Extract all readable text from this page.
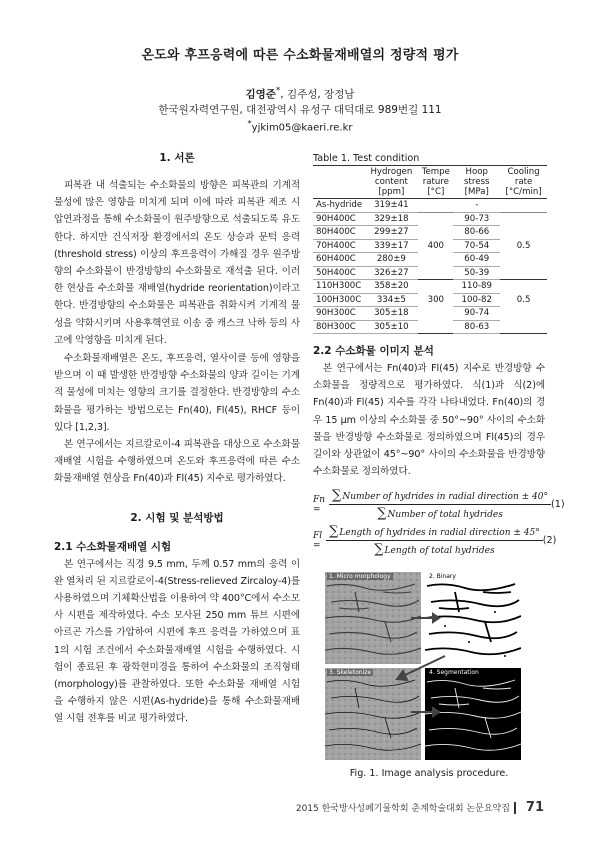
온도와 후프응력에 따른 수소화물재배열의 정량적 평가
김영준*, 김주성, 장정남
한국원자력연구원, 대전광역시 유성구 대덕대로 989번길 111
*yjkim05@kaeri.re.kr
1. 서론

피복관 내 석출되는 수소화물의 방향은 피복관의 기계적 물성에 많은 영향을 미치게 되며 이에 따라 피복관 제조 시 압연과정을 통해 수소화물이 원주방향으로 석출되도록 유도한다. 하지만 건식저장 환경에서의 온도 상승과 문턱 응력(threshold stress) 이상의 후프응력이 가해질 경우 원주방향의 수소화물이 반경방향의 수소화물로 재석출 된다. 이러한 현상을 수소화물 재배열(hydride reorientation)이라고 한다. 반경방향의 수소화물은 피복관을 취화시켜 기계적 물성을 약화시키며 사용후핵연료 이송 중 캐스크 낙하 등의 사고에 악영향을 미치게 된다.

수소화물재배열은 온도, 후프응력, 열사이클 등에 영향을 받으며 이 때 발생한 반경방향 수소화물의 양과 길이는 기계적 물성에 미치는 영향의 크기를 결정한다. 반경방향의 수소화물을 평가하는 방법으로는 Fn(40), Fl(45), RHCF 등이 있다 [1,2,3].

본 연구에서는 지르칼로이-4 피복관을 대상으로 수소화물재배열 시험을 수행하였으며 온도와 후프응력에 따른 수소화물재배열 현상을 Fn(40)과 Fl(45) 지수로 평가하였다.

2. 시험 및 분석방법
2.1 수소화물재배열 시험

본 연구에서는 직경 9.5 mm, 두께 0.57 mm의 응력 이완 열처리 된 지르칼로이-4(Stress-relieved Zircaloy-4)를 사용하였으며 기체확산법을 이용하여 약 400°C에서 수소모사 시편을 제작하였다. 수소 모사된 250 mm 튜브 시편에 아르곤 가스를 가압하여 시편에 후프 응력을 가하였으며 표 1의 시험 조건에서 수소화물재배열 시험을 수행하였다. 시험이 종료된 후 광학현미경을 통하여 수소화물의 조직형태(morphology)를 관찰하였다. 또한 수소화물 재배열 시험을 수행하지 않은 시편(As-hydride)을 통해 수소화물재배열 시험 전후를 비교 평가하였다.

Table 1. Test condition
	Hydrogen content [ppm]	Tempe rature [°C]	Hoop stress [MPa]	Cooling rate [°C/min]
As-hydride	319±41		-	
90H400C	329±18		90-73	
80H400C	299±27		80-66	
70H400C	339±17	400	70-54	0.5
60H400C	280±9		60-49	
50H400C	326±27		50-39	
110H300C	358±20		110-89	
100H300C	334±5	300	100-82	0.5
90H300C	305±18		90-74	
80H300C	305±10		80-63	
2.2 수소화물 이미지 분석

본 연구에서는 Fn(40)과 Fl(45) 지수로 반경방향 수소화물을 정량적으로 평가하였다. 식(1)과 식(2)에 Fn(40)과 Fl(45) 지수를 각각 나타내었다. Fn(40)의 경우 15 μm 이상의 수소화물 중 50°~90° 사이의 수소화물을 반경방향 수소화물로 정의하였으며 Fl(45)의 경우 길이와 상관없이 45°~90° 사이의 수소화물을 반경방향 수소화물로 정의하였다.

$Fn = \frac{\text{∑Number of hydrides in radial direction ± 40°}}{\text{∑Number of total hydrides}} (1)$
$Fl = \frac{\text{∑Length of hydrides in radial direction ± 45°}}{\text{∑Length of total hydrides}} (2)$
1. Micro morphology	2. Binary
3. Skeletonize	4. Segmentation
Fig. 1. Image analysis procedure.
2015 한국방사성폐기물학회 춘계학술대회 논문요약집 71
